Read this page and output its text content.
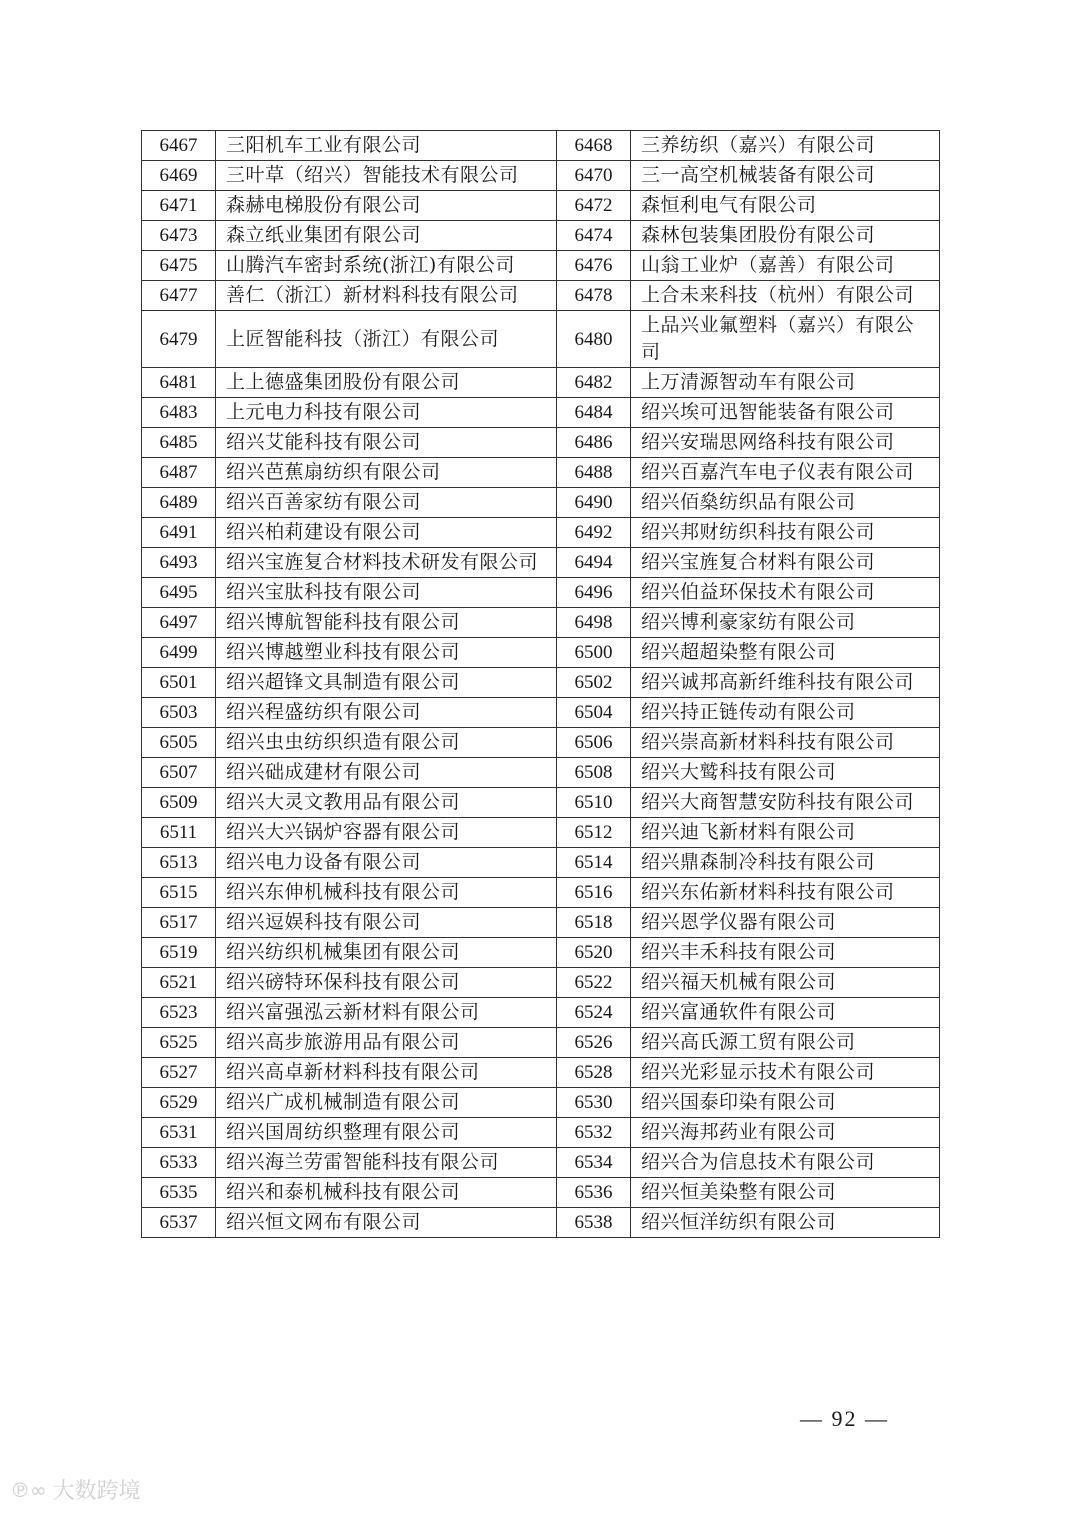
6467	三阳机车工业有限公司	6468	三养纺织（嘉兴）有限公司
6469	三叶草（绍兴）智能技术有限公司	6470	三一高空机械装备有限公司
6471	森赫电梯股份有限公司	6472	森恒利电气有限公司
6473	森立纸业集团有限公司	6474	森林包装集团股份有限公司
6475	山腾汽车密封系统(浙江)有限公司	6476	山翁工业炉（嘉善）有限公司
6477	善仁（浙江）新材料科技有限公司	6478	上合未来科技（杭州）有限公司
6479	上匠智能科技（浙江）有限公司	6480	上品兴业氟塑料（嘉兴）有限公司
6481	上上德盛集团股份有限公司	6482	上万清源智动车有限公司
6483	上元电力科技有限公司	6484	绍兴埃可迅智能装备有限公司
6485	绍兴艾能科技有限公司	6486	绍兴安瑞思网络科技有限公司
6487	绍兴芭蕉扇纺织有限公司	6488	绍兴百嘉汽车电子仪表有限公司
6489	绍兴百善家纺有限公司	6490	绍兴佰燊纺织品有限公司
6491	绍兴柏莉建设有限公司	6492	绍兴邦财纺织科技有限公司
6493	绍兴宝旌复合材料技术研发有限公司	6494	绍兴宝旌复合材料有限公司
6495	绍兴宝肽科技有限公司	6496	绍兴伯益环保技术有限公司
6497	绍兴博航智能科技有限公司	6498	绍兴博利豪家纺有限公司
6499	绍兴博越塑业科技有限公司	6500	绍兴超超染整有限公司
6501	绍兴超锋文具制造有限公司	6502	绍兴诚邦高新纤维科技有限公司
6503	绍兴程盛纺织有限公司	6504	绍兴持正链传动有限公司
6505	绍兴虫虫纺织织造有限公司	6506	绍兴崇高新材料科技有限公司
6507	绍兴础成建材有限公司	6508	绍兴大鹫科技有限公司
6509	绍兴大灵文教用品有限公司	6510	绍兴大商智慧安防科技有限公司
6511	绍兴大兴锅炉容器有限公司	6512	绍兴迪飞新材料有限公司
6513	绍兴电力设备有限公司	6514	绍兴鼎森制冷科技有限公司
6515	绍兴东伸机械科技有限公司	6516	绍兴东佑新材料科技有限公司
6517	绍兴逗娱科技有限公司	6518	绍兴恩学仪器有限公司
6519	绍兴纺织机械集团有限公司	6520	绍兴丰禾科技有限公司
6521	绍兴磅特环保科技有限公司	6522	绍兴福天机械有限公司
6523	绍兴富强泓云新材料有限公司	6524	绍兴富通软件有限公司
6525	绍兴高步旅游用品有限公司	6526	绍兴高氏源工贸有限公司
6527	绍兴高卓新材料科技有限公司	6528	绍兴光彩显示技术有限公司
6529	绍兴广成机械制造有限公司	6530	绍兴国泰印染有限公司
6531	绍兴国周纺织整理有限公司	6532	绍兴海邦药业有限公司
6533	绍兴海兰劳雷智能科技有限公司	6534	绍兴合为信息技术有限公司
6535	绍兴和泰机械科技有限公司	6536	绍兴恒美染整有限公司
6537	绍兴恒文网布有限公司	6538	绍兴恒洋纺织有限公司
— 92 —
℗∞ 大数跨境
